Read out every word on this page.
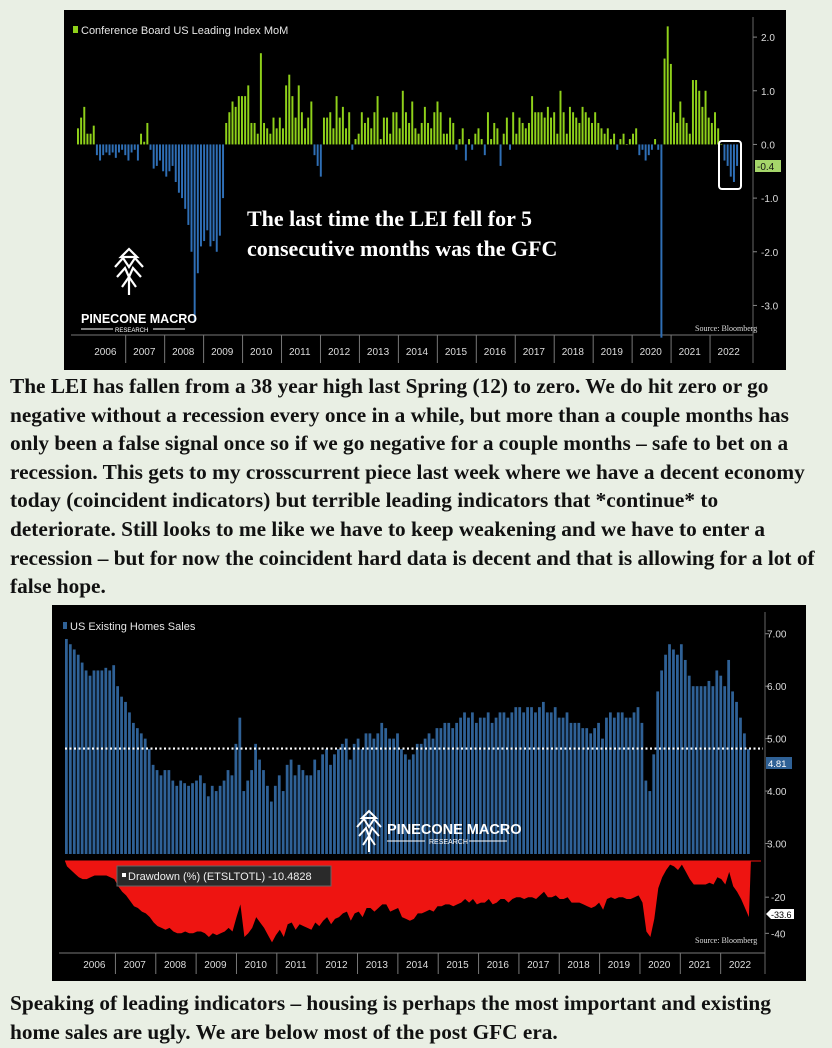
2.0
1.0
0.0
-1.0
-2.0
-3.0
2006 2007 2008 2009 2010 2011 2012 2013 2014 2015 2016 2017 2018 2019 2020 2021 2022
Conference Board US Leading Index MoM
-0.4
The last time the LEI fell for 5
consecutive months was the GFC
Source: Bloomberg
PINECONE MACRO
RESEARCH

The LEI has fallen from a 38 year high last Spring (12) to zero. We do hit zero or go negative without a recession every once in a while, but more than a couple months has only been a false signal once so if we go negative for a couple months – safe to bet on a recession. This gets to my crosscurrent piece last week where we have a decent economy today (coincident indicators) but terrible leading indicators that *continue* to deteriorate. Still looks to me like we have to keep weakening and we have to enter a recession – but for now the coincident hard data is decent and that is allowing for a lot of false hope.

7.00
6.00
5.00
4.00
3.00
-20
-40
2006 2007 2008 2009 2010 2011 2012 2013 2014 2015 2016 2017 2018 2019 2020 2021 2022
US Existing Homes Sales
4.81
Drawdown (%) (ETSLTOTL) -10.4828
-33.6
Source: Bloomberg
PINECONE MACRO
RESEARCH

Speaking of leading indicators – housing is perhaps the most important and existing home sales are ugly. We are below most of the post GFC era.
